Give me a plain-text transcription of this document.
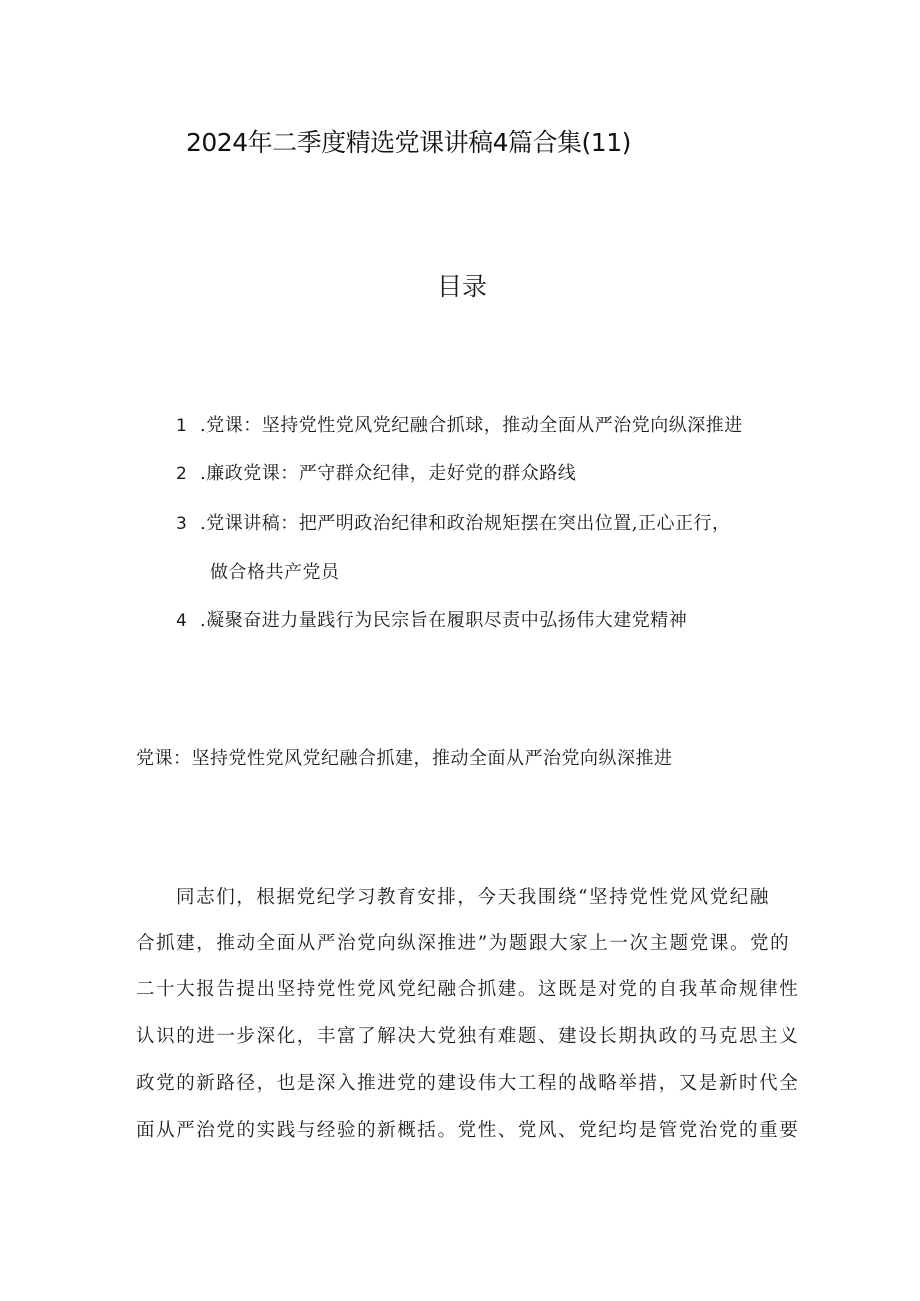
2024年二季度精选党课讲稿4篇合集(11)
目录
1 .党课：坚持党性党风党纪融合抓球，推动全面从严治党向纵深推进
2 .廉政党课：严守群众纪律，走好党的群众路线
3 .党课讲稿：把严明政治纪律和政治规矩摆在突出位置,正心正行，
做合格共产党员
4 .凝聚奋进力量践行为民宗旨在履职尽责中弘扬伟大建党精神
党课：坚持党性党风党纪融合抓建，推动全面从严治党向纵深推进
同志们，根据党纪学习教育安排，今天我围绕“坚持党性党风党纪融
合抓建，推动全面从严治党向纵深推进”为题跟大家上一次主题党课。党的
二十大报告提出坚持党性党风党纪融合抓建。这既是对党的自我革命规律性
认识的进一步深化，丰富了解决大党独有难题、建设长期执政的马克思主义
政党的新路径，也是深入推进党的建设伟大工程的战略举措，又是新时代全
面从严治党的实践与经验的新概括。党性、党风、党纪均是管党治党的重要
